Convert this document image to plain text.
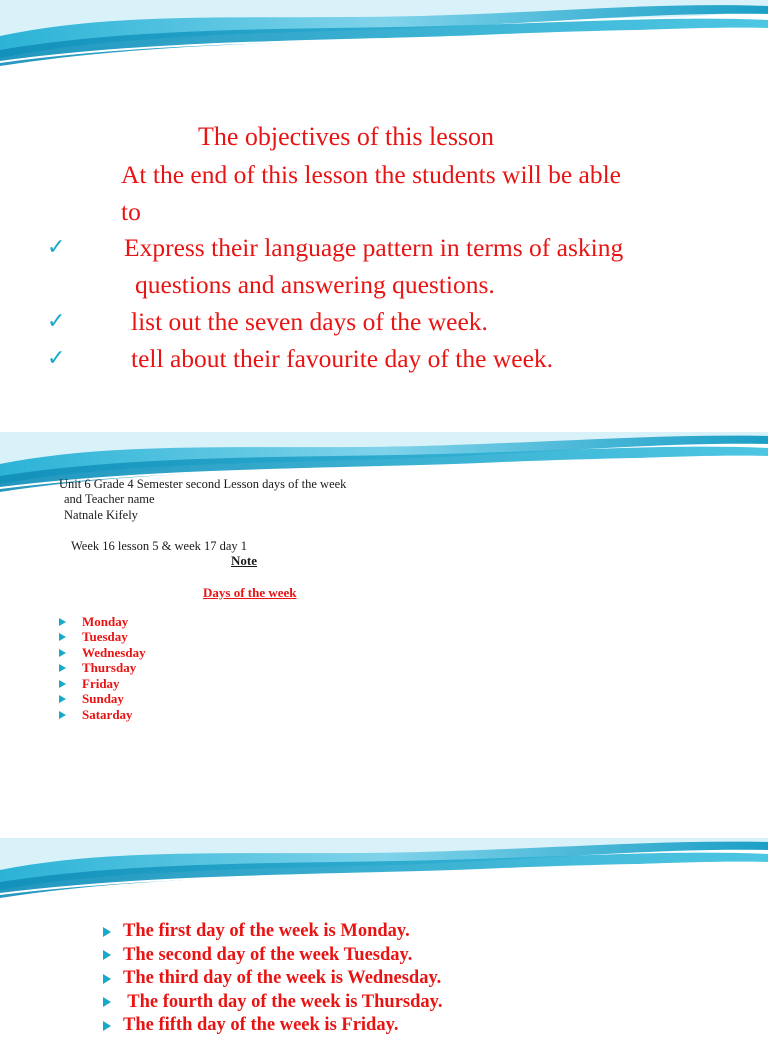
The objectives of this lesson
At the end of this lesson the students will be able
to
✓ Express their language pattern in terms of asking
questions and answering questions.
✓	list out the seven days of the week.
✓	tell about their favourite day of the week.
Unit 6 Grade 4 Semester second Lesson days of the week
and Teacher name
Natnale Kifely
Week 16 lesson 5 & week 17 day 1
Note
Days of the week
Monday
Tuesday
Wednesday
Thursday
Friday
Sunday
Satarday
The first day of the week is Monday.
The second day of the week Tuesday.
The third day of the week is Wednesday.
The fourth day of the week is Thursday.
The fifth day of the week is Friday.
